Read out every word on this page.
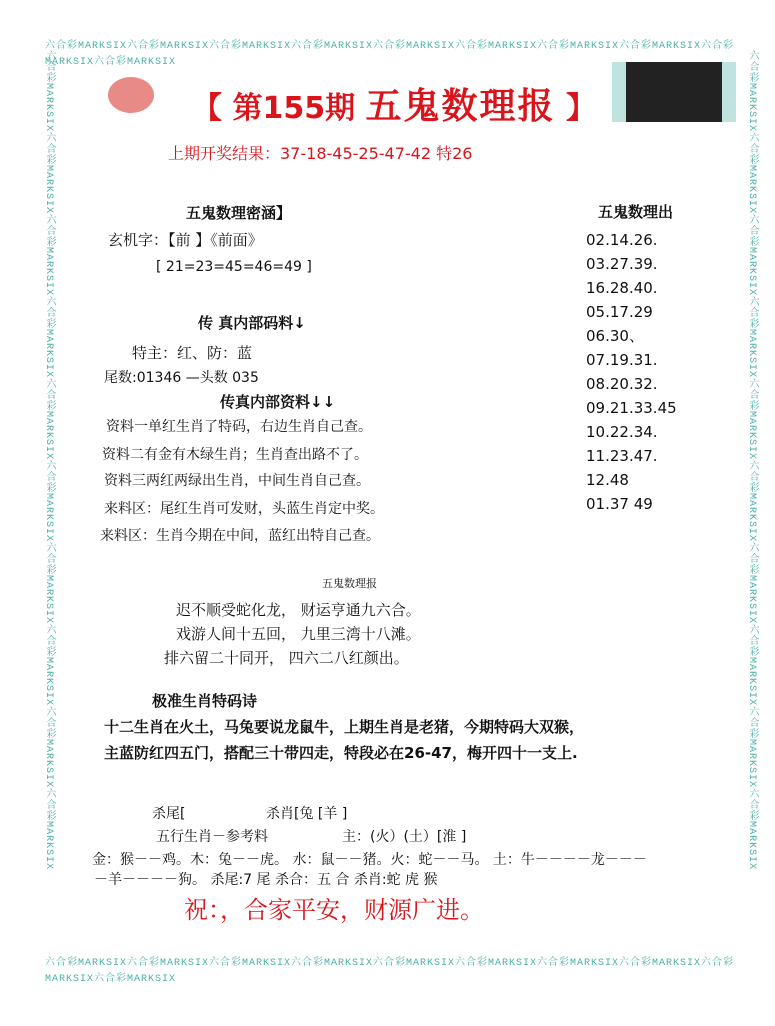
六合彩MARKSIX六合彩MARKSIX六合彩MARKSIX六合彩MARKSIX六合彩MARKSIX六合彩MARKSIX六合彩MARKSIX六合彩MARKSIX六合彩MARKSIX六合彩MARKSIX
六合彩MARKSIX六合彩MARKSIX六合彩MARKSIX六合彩MARKSIX六合彩MARKSIX六合彩MARKSIX六合彩MARKSIX六合彩MARKSIX六合彩MARKSIX六合彩MARKSIX
六合彩MARKSIX六合彩MARKSIX六合彩MARKSIX六合彩MARKSIX六合彩MARKSIX六合彩MARKSIX六合彩MARKSIX六合彩MARKSIX六合彩MARKSIX六合彩MARKSIX	六合彩MARKSIX六合彩MARKSIX六合彩MARKSIX六合彩MARKSIX六合彩MARKSIX六合彩MARKSIX六合彩MARKSIX六合彩MARKSIX六合彩MARKSIX六合彩MARKSIX
【 第155期 五鬼数理报 】
上期开奖结果：37-18-45-25-47-42 特26
五鬼数理密涵】
玄机字：【前 】《前面》
[ 21=23=45=46=49 ]
传 真内部码料↓
特主：红、防：蓝
尾数:01346 —头数 035
传真内部资料↓↓
资料一单红生肖了特码，右边生肖自己查。
资料二有金有木绿生肖；生肖查出路不了。
资料三两红两绿出生肖，中间生肖自己查。
来料区：尾红生肖可发财，头蓝生肖定中奖。
来料区：生肖今期在中间，蓝红出特自己查。
五鬼数理出
02.14.26.
03.27.39.
16.28.40.
05.17.29
06.30、
07.19.31.
08.20.32.
09.21.33.45
10.22.34.
11.23.47.
12.48
01.37 49
五鬼数理报
迟不顺受蛇化龙， 财运亨通九六合。
戏游人间十五回， 九里三湾十八滩。
排六留二十同开， 四六二八红颜出。
极准生肖特码诗
十二生肖在火土，马兔要说龙鼠牛，上期生肖是老猪，今期特码大双猴，
主蓝防红四五门，搭配三十带四走，特段必在26-47，梅开四十一支上.
杀尾[	杀肖[兔 [羊 ]
五行生肖－参考料	主：(火）(土）[淮 ]
金：猴－－鸡。木：兔－－虎。 水：鼠－－猪。火：蛇－－马。 土：牛－－－－龙－－－
－羊－－－－狗。 杀尾:7 尾 杀合：五 合 杀肖:蛇 虎 猴
祝：，合家平安，财源广进。
